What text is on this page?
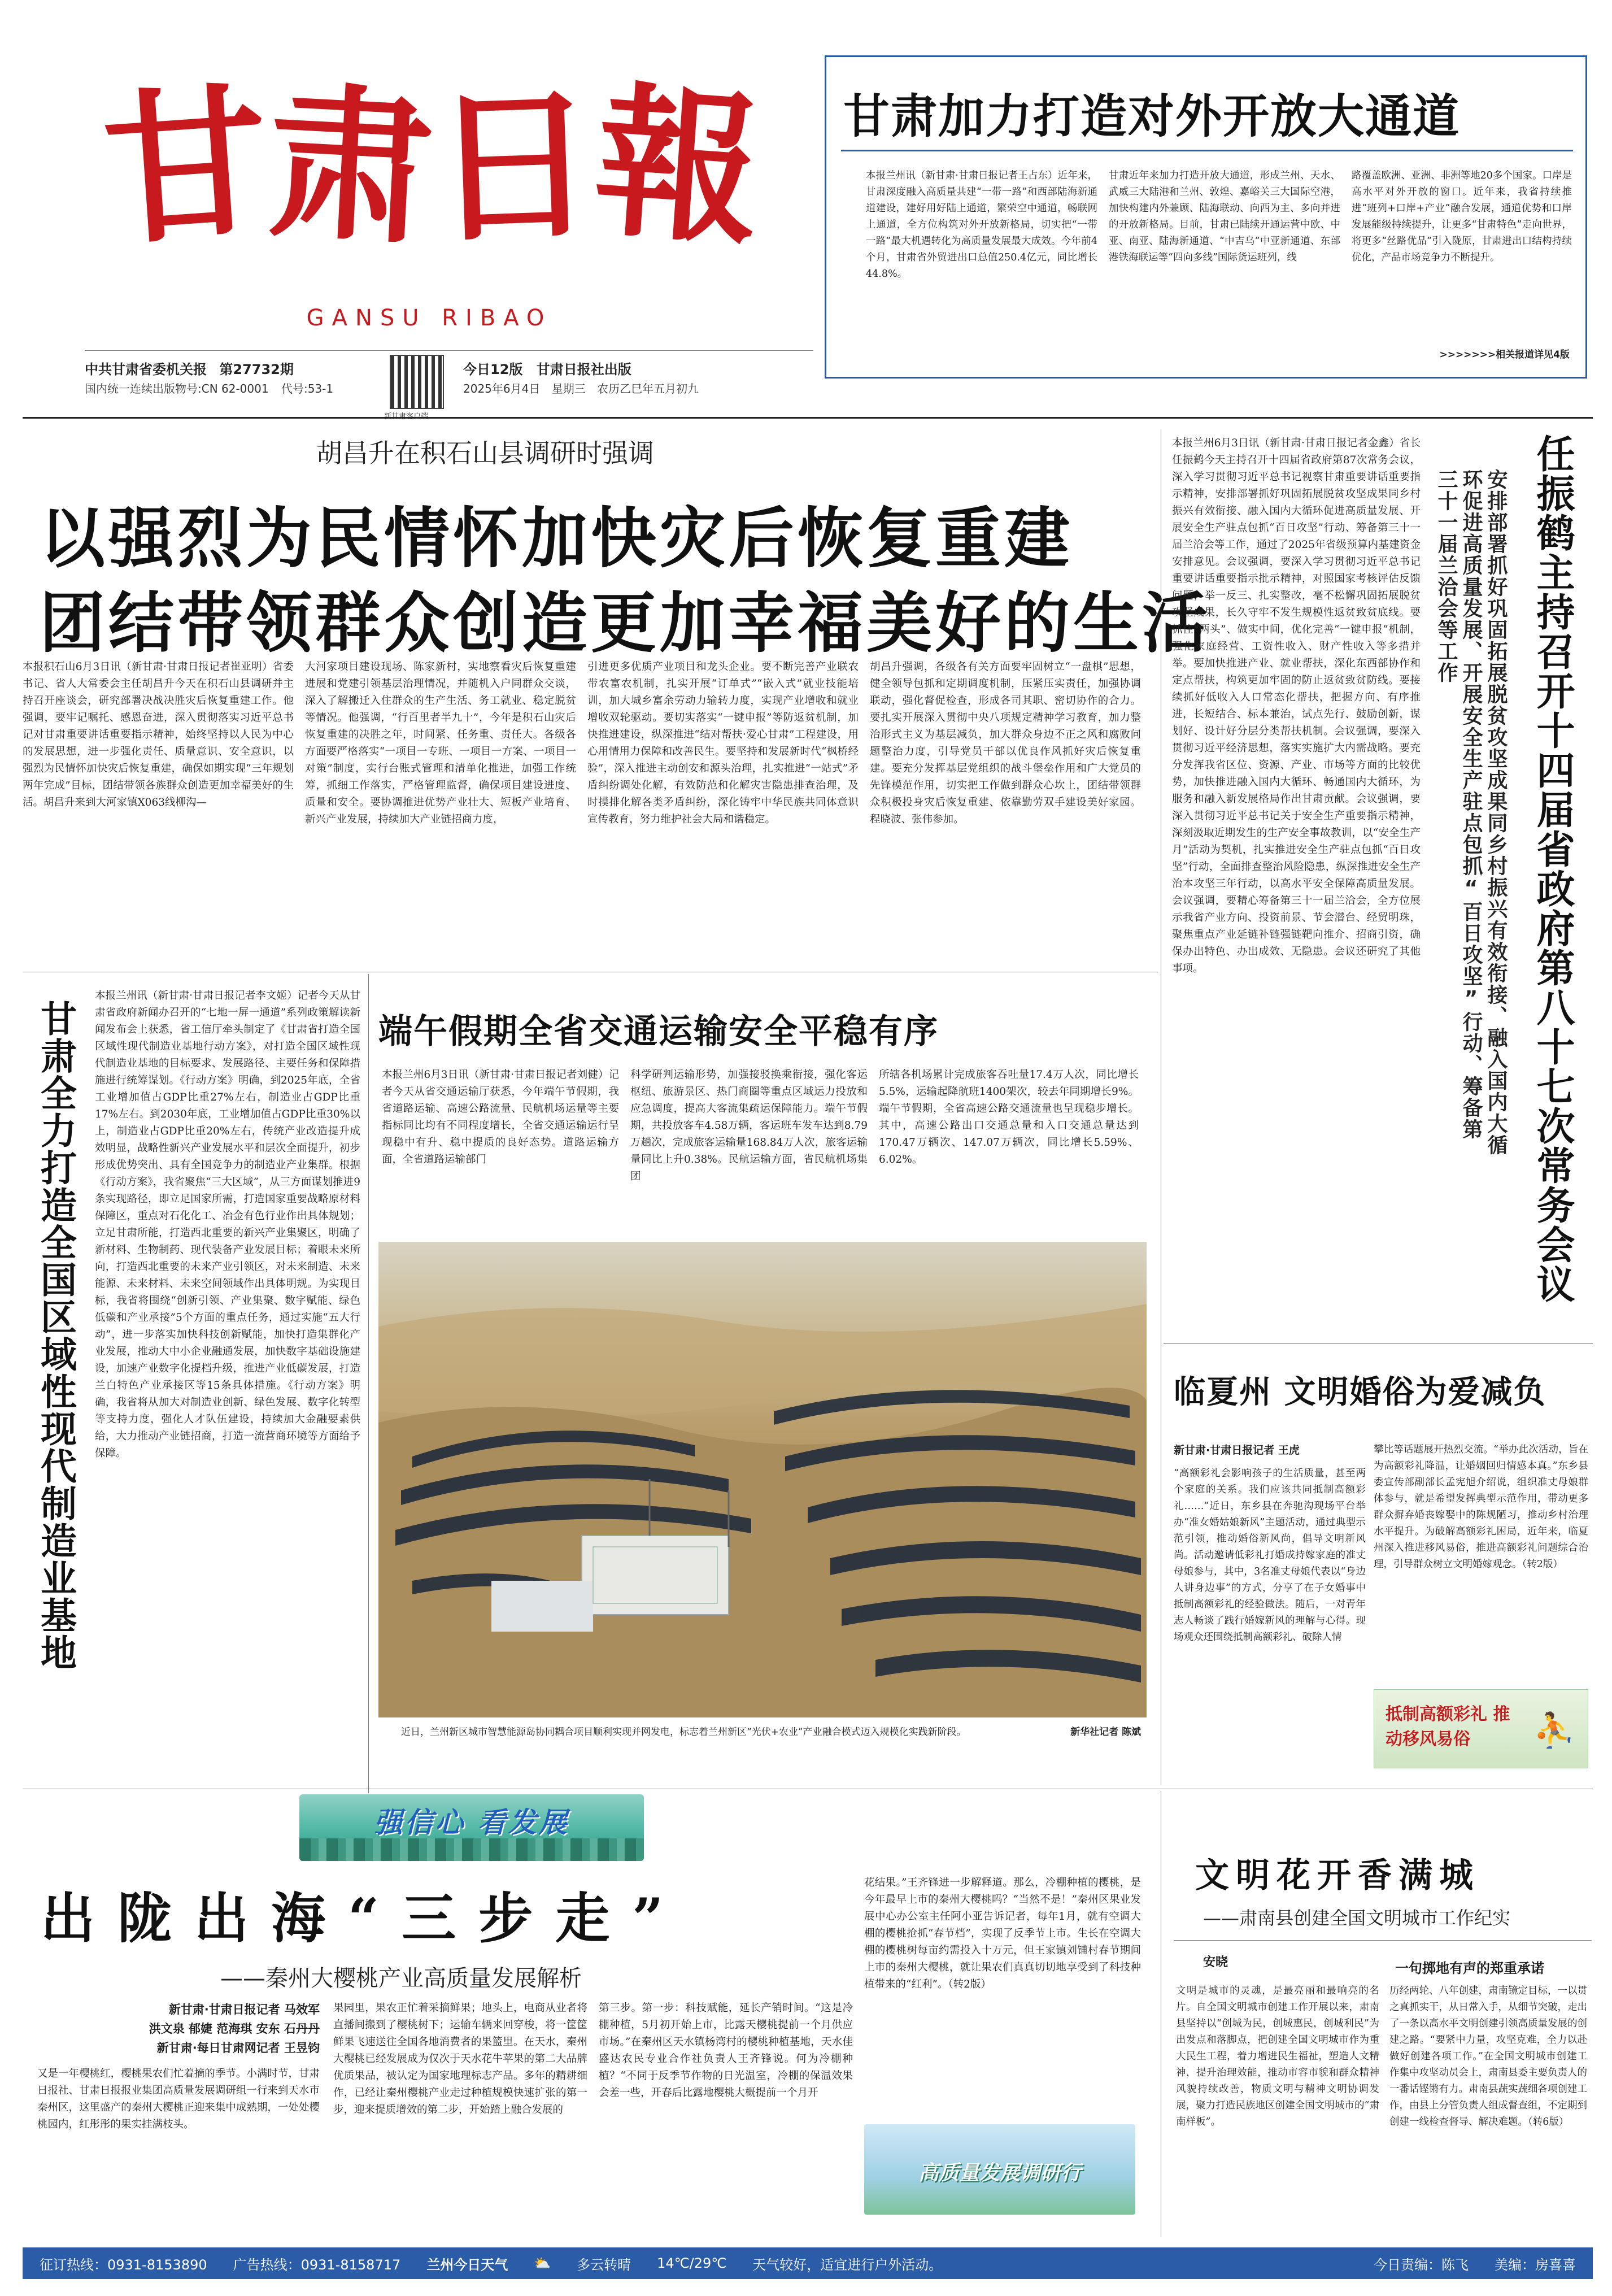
甘
肃
日
報
GANSU RIBAO
中共甘肃省委机关报 第27732期
国内统一连续出版物号:CN 62-0001 代号:53-1
新甘肃客户端
今日12版 甘肃日报社出版
2025年6月4日 星期三 农历乙巳年五月初九
甘肃加力打造对外开放大通道
本报兰州讯（新甘肃·甘肃日报记者王占东）近年来，甘肃深度融入高质量共建“一带一路”和西部陆海新通道建设，建好用好陆上通道，繁荣空中通道，畅联网上通道，全方位构筑对外开放新格局，切实把“一带一路”最大机遇转化为高质量发展最大成效。今年前4个月，甘肃省外贸进出口总值250.4亿元，同比增长44.8%。
甘肃近年来加力打造开放大通道，形成兰州、天水、武威三大陆港和兰州、敦煌、嘉峪关三大国际空港，加快构建内外兼顾、陆海联动、向西为主、多向并进的开放新格局。目前，甘肃已陆续开通运营中欧、中亚、南亚、陆海新通道、“中吉乌”中亚新通道、东部港铁海联运等“四向多线”国际货运班列，线
路覆盖欧洲、亚洲、非洲等地20多个国家。口岸是高水平对外开放的窗口。近年来，我省持续推进“班列+口岸+产业”融合发展，通道优势和口岸发展能级持续提升，让更多“甘肃特色”走向世界，将更多“丝路优品”引入陇原，甘肃进出口结构持续优化，产品市场竞争力不断提升。
>>>>>>>相关报道详见4版
胡昌升在积石山县调研时强调
以强烈为民情怀加快灾后恢复重建
团结带领群众创造更加幸福美好的生活
本报积石山6月3日讯（新甘肃·甘肃日报记者崔亚明）省委书记、省人大常委会主任胡昌升今天在积石山县调研并主持召开座谈会，研究部署决战决胜灾后恢复重建工作。他强调，要牢记嘱托、感恩奋进，深入贯彻落实习近平总书记对甘肃重要讲话重要指示精神，始终坚持以人民为中心的发展思想，进一步强化责任、质量意识、安全意识，以强烈为民情怀加快灾后恢复重建，确保如期实现“三年规划两年完成”目标，团结带领各族群众创造更加幸福美好的生活。胡昌升来到大河家镇X063线柳沟—
大河家项目建设现场、陈家新村，实地察看灾后恢复重建进展和党建引领基层治理情况，并随机入户同群众交谈，深入了解搬迁入住群众的生产生活、务工就业、稳定脱贫等情况。他强调，“行百里者半九十”，今年是积石山灾后恢复重建的决胜之年，时间紧、任务重、责任大。各级各方面要严格落实“一项目一专班、一项目一方案、一项目一对策”制度，实行台账式管理和清单化推进，加强工作统筹，抓细工作落实，严格管理监督，确保项目建设进度、质量和安全。要协调推进优势产业壮大、短板产业培育、新兴产业发展，持续加大产业链招商力度，
引进更多优质产业项目和龙头企业。要不断完善产业联农带农富农机制，扎实开展“订单式”“嵌入式”就业技能培训，加大城乡富余劳动力输转力度，实现产业增收和就业增收双轮驱动。要切实落实“一键申报”等防返贫机制，加快推进建设，纵深推进“结对帮扶·爱心甘肃”工程建设，用心用情用力保障和改善民生。要坚持和发展新时代“枫桥经验”，深入推进主动创安和源头治理，扎实推进“一站式”矛盾纠纷调处化解，有效防范和化解灾害隐患排查治理，及时摸排化解各类矛盾纠纷，深化铸牢中华民族共同体意识宣传教育，努力维护社会大局和谐稳定。
胡昌升强调，各级各有关方面要牢固树立“一盘棋”思想，健全领导包抓和定期调度机制，压紧压实责任，加强协调联动，强化督促检查，形成各司其职、密切协作的合力。要扎实开展深入贯彻中央八项规定精神学习教育，加力整治形式主义为基层减负，加大群众身边不正之风和腐败问题整治力度，引导党员干部以优良作风抓好灾后恢复重建。要充分发挥基层党组织的战斗堡垒作用和广大党员的先锋模范作用，切实把工作做到群众心坎上，团结带领群众积极投身灾后恢复重建、依靠勤劳双手建设美好家园。程晓波、张伟参加。	任振鹤主持召开十四届省政府第八十七次常务会议
安排部署抓好巩固拓展脱贫攻坚成果同乡村振兴有效衔接、融入国内大循环促进高质量发展、开展安全生产驻点包抓“百日攻坚”行动、筹备第三十一届兰洽会等工作
本报兰州6月3日讯（新甘肃·甘肃日报记者金鑫）省长任振鹤今天主持召开十四届省政府第87次常务会议，深入学习贯彻习近平总书记视察甘肃重要讲话重要指示精神，安排部署抓好巩固拓展脱贫攻坚成果同乡村振兴有效衔接、融入国内大循环促进高质量发展、开展安全生产驻点包抓“百日攻坚”行动、筹备第三十一届兰洽会等工作，通过了2025年省级预算内基建资金安排意见。会议强调，要深入学习贯彻习近平总书记重要讲话重要指示批示精神，对照国家考核评估反馈问题，举一反三、扎实整改，毫不松懈巩固拓展脱贫攻坚成果，长久守牢不发生规模性返贫致贫底线。要抓住“两头”、做实中间，优化完善“一键申报”机制，强化家庭经营、工资性收入、财产性收入等多措并举。要加快推进产业、就业帮扶，深化东西部协作和定点帮扶，构筑更加牢固的防止返贫致贫防线。要接续抓好低收入人口常态化帮扶，把握方向、有序推进，长短结合、标本兼治，试点先行、鼓励创新，谋划好、设计好分层分类帮扶机制。会议强调，要深入贯彻习近平经济思想，落实实施扩大内需战略。要充分发挥我省区位、资源、产业、市场等方面的比较优势，加快推进融入国内大循环、畅通国内大循环，为服务和融入新发展格局作出甘肃贡献。会议强调，要深入贯彻习近平总书记关于安全生产重要指示精神，深刻汲取近期发生的生产安全事故教训，以“安全生产月”活动为契机，扎实推进安全生产驻点包抓“百日攻坚”行动，全面排查整治风险隐患，纵深推进安全生产治本攻坚三年行动，以高水平安全保障高质量发展。会议强调，要精心筹备第三十一届兰洽会，全方位展示我省产业方向、投资前景、节会潜台、经贸明珠，聚焦重点产业延链补链强链靶向推介、招商引资，确保办出特色、办出成效、无隐患。会议还研究了其他事项。
甘肃全力打造全国区域性现代制造业基地
本报兰州讯（新甘肃·甘肃日报记者李文姬）记者今天从甘肃省政府新闻办召开的“七地一屏一通道”系列政策解读新闻发布会上获悉，省工信厅牵头制定了《甘肃省打造全国区域性现代制造业基地行动方案》，对打造全国区域性现代制造业基地的目标要求、发展路径、主要任务和保障措施进行统筹谋划。《行动方案》明确，到2025年底，全省工业增加值占GDP比重27%左右，制造业占GDP比重17%左右。到2030年底，工业增加值占GDP比重30%以上，制造业占GDP比重20%左右，传统产业改造提升成效明显，战略性新兴产业发展水平和层次全面提升，初步形成优势突出、具有全国竞争力的制造业产业集群。根据《行动方案》，我省聚焦“三大区域”，从三方面谋划推进9条实现路径，即立足国家所需，打造国家重要战略原材料保障区，重点对石化化工、冶金有色行业作出具体规划；立足甘肃所能，打造西北重要的新兴产业集聚区，明确了新材料、生物制药、现代装备产业发展目标；着眼未来所向，打造西北重要的未来产业引领区，对未来制造、未来能源、未来材料、未来空间领域作出具体明规。为实现目标，我省将围绕“创新引领、产业集聚、数字赋能、绿色低碳和产业承接”5个方面的重点任务，通过实施“五大行动”，进一步落实加快科技创新赋能，加快打造集群化产业发展，推动大中小企业融通发展，加快数字基础设施建设，加速产业数字化提档升级，推进产业低碳发展，打造兰白特色产业承接区等15条具体措施。《行动方案》明确，我省将从加大对制造业创新、绿色发展、数字化转型等支持力度，强化人才队伍建设，持续加大金融要素供给，大力推动产业链招商，打造一流营商环境等方面给予保障。
端午假期全省交通运输安全平稳有序
本报兰州6月3日讯（新甘肃·甘肃日报记者刘健）记者今天从省交通运输厅获悉，今年端午节假期，我省道路运输、高速公路流量、民航机场运量等主要指标同比均有不同程度增长，全省交通运输运行呈现稳中有升、稳中提质的良好态势。道路运输方面，全省道路运输部门
科学研判运输形势，加强接驳换乘衔接，强化客运枢纽、旅游景区、热门商圈等重点区域运力投放和应急调度，提高大客流集疏运保障能力。端午节假期，共投放客车4.58万辆，客运班车发车达到8.79万趟次，完成旅客运输量168.84万人次，旅客运输量同比上升0.38%。民航运输方面，省民航机场集团
所辖各机场累计完成旅客吞吐量17.4万人次，同比增长5.5%，运输起降航班1400架次，较去年同期增长9%。端午节假期，全省高速公路交通流量也呈现稳步增长。其中，高速公路出口交通总量和入口交通总量达到170.47万辆次、147.07万辆次，同比增长5.59%、6.02%。
近日，兰州新区城市智慧能源岛协同耦合项目顺利实现并网发电，标志着兰州新区“光伏+农业”产业融合模式迈入规模化实践新阶段。	新华社记者 陈斌
临夏州 文明婚俗为爱减负
新甘肃·甘肃日报记者 王虎
“高额彩礼会影响孩子的生活质量，甚至两个家庭的关系。我们应该共同抵制高额彩礼……”近日，东乡县在奔驰沟现场平台举办“准女婚姑娘新风”主题活动，通过典型示范引领，推动婚俗新风尚，倡导文明新风尚。活动邀请低彩礼打婚成持嫁家庭的准丈母娘参与，其中，3名准丈母娘代表以“身边人讲身边事”的方式，分享了在子女婚事中抵制高额彩礼的经验做法。随后，一对青年志人畅谈了践行婚嫁新风的理解与心得。现场观众还围绕抵制高额彩礼、破除人情
攀比等话题展开热烈交流。“举办此次活动，旨在为高额彩礼降温，让婚姻回归情感本真。”东乡县委宣传部副部长孟宪旭介绍说，组织准丈母娘群体参与，就是希望发挥典型示范作用，带动更多群众摒弃婚丧嫁娶中的陈规陋习，推动乡村治理水平提升。为破解高额彩礼困局，近年来，临夏州深入推进移风易俗，推进高额彩礼问题综合治理，引导群众树立文明婚嫁观念。（转2版）
抵制高额彩礼 推动移风易俗	⛹
强信心 看发展
出陇出海“三步走”
——秦州大樱桃产业高质量发展解析
新甘肃·甘肃日报记者 马效军
洪文泉 郁婕 范海琪 安东 石丹丹
新甘肃·每日甘肃网记者 王昱钧
又是一年樱桃红，樱桃果农们忙着摘的季节。小满时节，甘肃日报社、甘肃日报报业集团高质量发展调研组一行来到天水市秦州区，这里盛产的秦州大樱桃正迎来集中成熟期，一处处樱桃园内，红彤彤的果实挂满枝头。
果园里，果农正忙着采摘鲜果；地头上，电商从业者将直播间搬到了樱桃树下；运输车辆来回穿梭，将一筐筐鲜果飞速送往全国各地消费者的果篮里。在天水，秦州大樱桃已经发展成为仅次于天水花牛苹果的第二大品牌优质果品，被认定为国家地理标志产品。多年的精耕细作，已经让秦州樱桃产业走过种植规模快速扩张的第一步，迎来提质增效的第二步，开始踏上融合发展的
第三步。第一步：科技赋能，延长产销时间。“这是冷棚种植，5月初开始上市，比露天樱桃提前一个月供应市场。”在秦州区天水镇杨湾村的樱桃种植基地，天水佳盛达农民专业合作社负责人王齐锋说。何为冷棚种植？“不同于反季节作物的日光温室，冷棚的保温效果会差一些，开春后比露地樱桃大概提前一个月开
花结果。”王齐锋进一步解释道。那么，冷棚种植的樱桃，是今年最早上市的秦州大樱桃吗？“当然不是！”秦州区果业发展中心办公室主任阿小亚告诉记者，每年1月，就有空调大棚的樱桃抢抓“春节档”，实现了反季节上市。生长在空调大棚的樱桃树每亩约需投入十万元，但王家镇刘铺村春节期间上市的秦州大樱桃，就让果农们真真切切地享受到了科技种植带来的“红利”。（转2版）
高质量发展调研行
文明花开香满城
——肃南县创建全国文明城市工作纪实
安晓	一句掷地有声的郑重承诺
文明是城市的灵魂，是最亮丽和最响亮的名片。自全国文明城市创建工作开展以来，肃南县坚持以“创城为民，创城惠民，创城利民”为出发点和落脚点，把创建全国文明城市作为重大民生工程，着力增进民生福祉，塑造人文精神，提升治理效能，推动市容市貌和群众精神风貌持续改善，物质文明与精神文明协调发展，聚力打造民族地区创建全国文明城市的“肃南样板”。
历经两轮、八年创建，肃南镜定目标，一以贯之真抓实干，从日常入手，从细节突破，走出了一条以高水平文明创建引领高质量发展的创建之路。“要紧中力量，攻坚克难，全力以赴做好创建各项工作。”在全国文明城市创建工作集中攻坚动员会上，肃南县委主要负责人的一番话铿锵有力。肃南县蔬实蔬细各项创建工作，由县上分管负责人组成督查组，不定期到创建一线检查督导、解决难题。（转6版）
征订热线：0931-8153890 广告热线：0931-8158717 兰州今日天气 ⛅ 多云转晴 14℃/29℃ 天气较好，适宜进行户外活动。	今日责编：陈飞 美编：房喜喜
